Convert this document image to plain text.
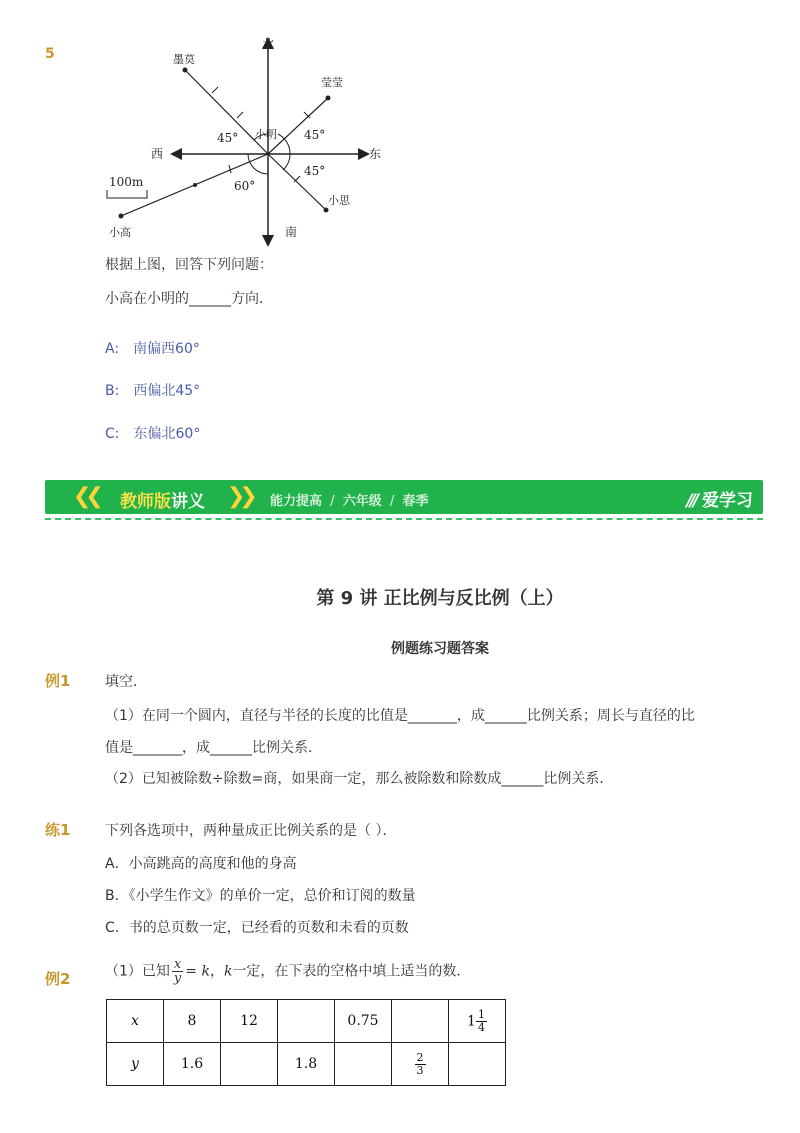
5
北
南
东
西
小明
墨莫
莹莹
小思
小高
45°	45°
45°
60°
100m
根据上图，回答下列问题：
小高在小明的______方向．
A: 南偏西60°
B: 西偏北45°
C: 东偏北60°
❮❮ 教师版讲义 ❯❯ 能力提高 / 六年级 / 春季	/// 爱学习
第 9 讲 正比例与反比例（上）
例题练习题答案
例1 填空．
（1）在同一个圆内，直径与半径的长度的比值是_______，成______比例关系；周长与直径的比
值是_______，成______比例关系．
（2）已知被除数÷除数=商，如果商一定，那么被除数和除数成______比例关系．
练1 下列各选项中，两种量成正比例关系的是（ ）．
A．小高跳高的高度和他的身高
B．《小学生作文》的单价一定，总价和订阅的数量
C．书的总页数一定，已经看的页数和未看的页数
例2 （1）已知 $\frac{x}{y} = k$，k一定，在下表的空格中填上适当的数．
x	8	12		0.75		$1 \frac{1}{4}$

y	1.6		1.8		$\frac{2}{3}$
